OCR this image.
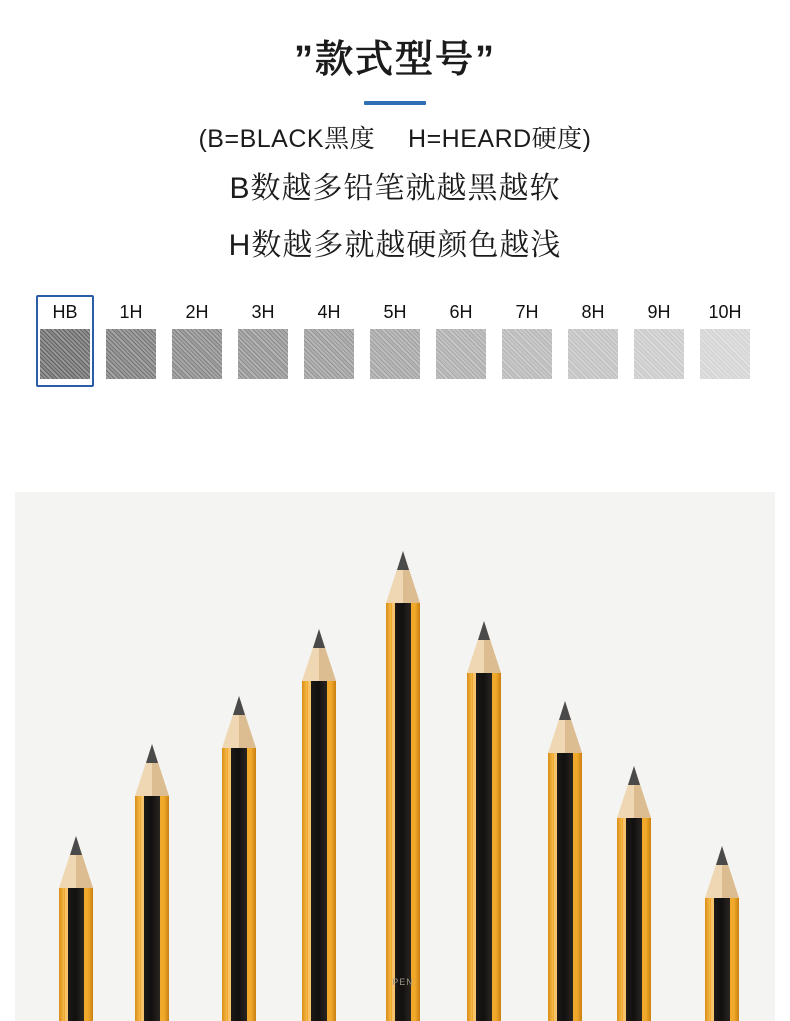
”款式型号”
(B=BLACK黑度  H=HEARD硬度)
B数越多铅笔就越黑越软
H数越多就越硬颜色越浅
HB 1H 2H 3H 4H 5H 6H 7H 8H 9H 10H
PEN
